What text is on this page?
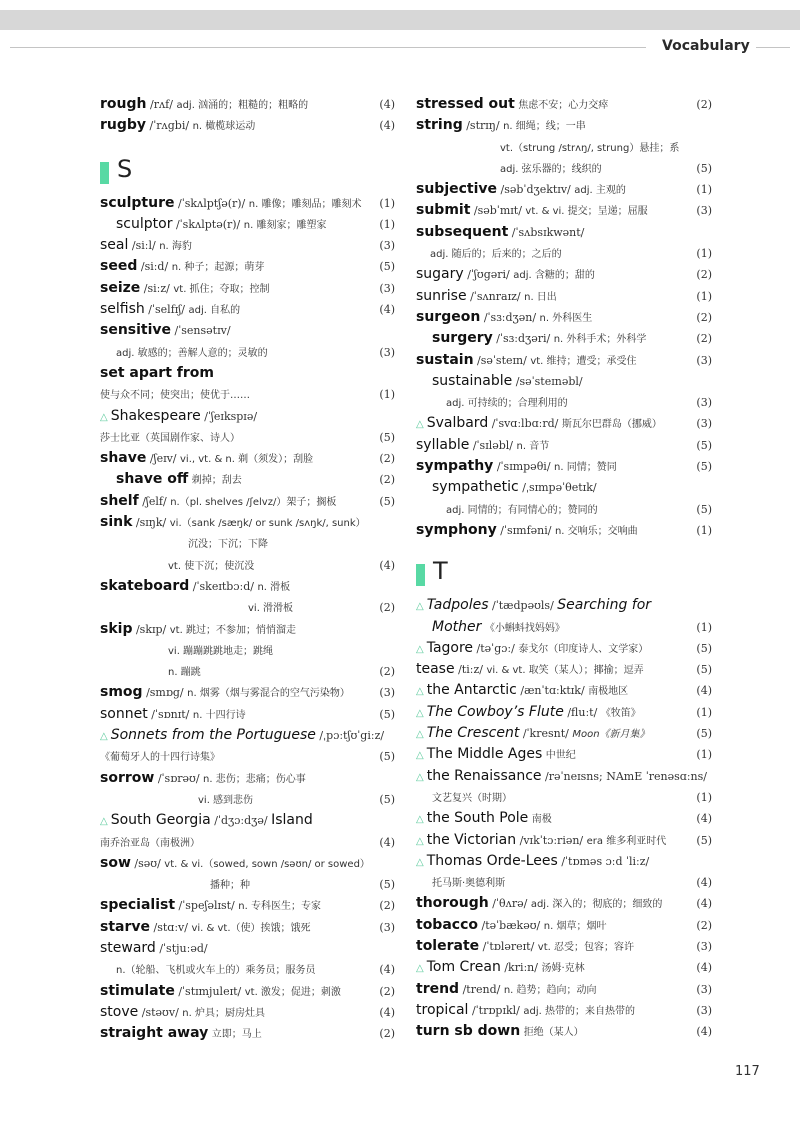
Vocabulary
rough /rʌf/ adj. 汹涌的；粗糙的；粗略的	(4)
rugby /ˈrʌgbi/ n. 橄榄球运动	(4)
S
sculpture /ˈskʌlptʃə(r)/ n. 雕像；雕刻品；雕刻术 (1)
sculptor /ˈskʌlptə(r)/ n. 雕刻家；雕塑家	(1)
seal /siːl/ n. 海豹	(3)
seed /siːd/ n. 种子；起源；萌芽	(5)
seize /siːz/ vt. 抓住；夺取；控制	(3)
selfish /ˈselfɪʃ/ adj. 自私的	(4)
sensitive /ˈsensətɪv/
adj. 敏感的；善解人意的；灵敏的	(3)
set apart from
使与众不同；使突出；使优于……	(1)
△ Shakespeare /ˈʃeɪkspɪə/
莎士比亚（英国剧作家、诗人）	(5)
shave /ʃeɪv/ vi., vt. & n. 剃（须发）；刮脸	(2)
shave off 剃掉；刮去	(2)
shelf /ʃelf/ n.（pl. shelves /ʃelvz/）架子；搁板	(5)
sink /sɪŋk/ vi.（sank /sæŋk/ or sunk /sʌŋk/, sunk）
沉没；下沉；下降
vt. 使下沉；使沉没	(4)
skateboard /ˈskeɪtbɔːd/ n. 滑板
vi. 滑滑板	(2)
skip /skɪp/ vt. 跳过；不参加；悄悄溜走
vi. 蹦蹦跳跳地走；跳绳
n. 蹦跳	(2)
smog /smɒg/ n. 烟雾（烟与雾混合的空气污染物）	(3)
sonnet /ˈsɒnɪt/ n. 十四行诗	(5)
△ Sonnets from the Portuguese /ˌpɔːtʃʊˈgiːz/
《葡萄牙人的十四行诗集》	(5)
sorrow /ˈsɒrəʊ/ n. 悲伤；悲痛；伤心事
vi. 感到悲伤	(5)
△ South Georgia /ˈdʒɔːdʒə/ Island
南乔治亚岛（南极洲）	(4)
sow /səʊ/ vt. & vi.（sowed, sown /səʊn/ or sowed）
播种；种	(5)
specialist /ˈspeʃəlɪst/ n. 专科医生；专家	(2)
starve /stɑːv/ vi. & vt.（使）挨饿；饿死	(3)
steward /ˈstjuːəd/
n.（轮船、飞机或火车上的）乘务员；服务员	(4)
stimulate /ˈstɪmjuleɪt/ vt. 激发；促进；刺激	(2)
stove /stəʊv/ n. 炉具；厨房灶具	(4)
straight away 立即；马上	(2)
stressed out 焦虑不安；心力交瘁	(2)
string /strɪŋ/ n. 细绳；线；一串
vt.（strung /strʌŋ/, strung）悬挂；系
adj. 弦乐器的；线织的	(5)
subjective /səbˈdʒektɪv/ adj. 主观的	(1)
submit /səbˈmɪt/ vt. & vi. 提交；呈递；屈服	(3)
subsequent /ˈsʌbsɪkwənt/
adj. 随后的；后来的；之后的	(1)
sugary /ˈʃʊgəri/ adj. 含糖的；甜的	(2)
sunrise /ˈsʌnraɪz/ n. 日出	(1)
surgeon /ˈsɜːdʒən/ n. 外科医生	(2)
surgery /ˈsɜːdʒəri/ n. 外科手术；外科学	(2)
sustain /səˈsteɪn/ vt. 维持；遭受；承受住	(3)
sustainable /səˈsteɪnəbl/
adj. 可持续的；合理利用的	(3)
△ Svalbard /ˈsvɑːlbɑːrd/ 斯瓦尔巴群岛（挪威）	(3)
syllable /ˈsɪləbl/ n. 音节	(5)
sympathy /ˈsɪmpəθi/ n. 同情；赞同	(5)
sympathetic /ˌsɪmpəˈθetɪk/
adj. 同情的；有同情心的；赞同的	(5)
symphony /ˈsɪmfəni/ n. 交响乐；交响曲	(1)
T
△ Tadpoles /ˈtædpəʊls/ Searching for
Mother 《小蝌蚪找妈妈》	(1)
△ Tagore /təˈgɔː/ 泰戈尔（印度诗人、文学家）	(5)
tease /tiːz/ vi. & vt. 取笑（某人）；揶揄；逗弄	(5)
△ the Antarctic /ænˈtɑːktɪk/ 南极地区	(4)
△ The Cowboy’s Flute /fluːt/ 《牧笛》	(1)
△ The Crescent /ˈkresnt/ Moon《新月集》	(5)
△ The Middle Ages 中世纪	(1)
△ the Renaissance /rəˈneɪsns; NAmE ˈrenəsɑːns/
文艺复兴（时期）	(1)
△ the South Pole 南极	(4)
△ the Victorian /vɪkˈtɔːriən/ era 维多利亚时代	(5)
△ Thomas Orde-Lees /ˈtɒməs ɔːd ˈliːz/
托马斯·奥德利斯	(4)
thorough /ˈθʌrə/ adj. 深入的；彻底的；细致的	(4)
tobacco /təˈbækəʊ/ n. 烟草；烟叶	(2)
tolerate /ˈtɒləreɪt/ vt. 忍受；包容；容许	(3)
△ Tom Crean /kriːn/ 汤姆·克林	(4)
trend /trend/ n. 趋势；趋向；动向	(3)
tropical /ˈtrɒpɪkl/ adj. 热带的；来自热带的	(3)
turn sb down 拒绝（某人）	(4)
117
